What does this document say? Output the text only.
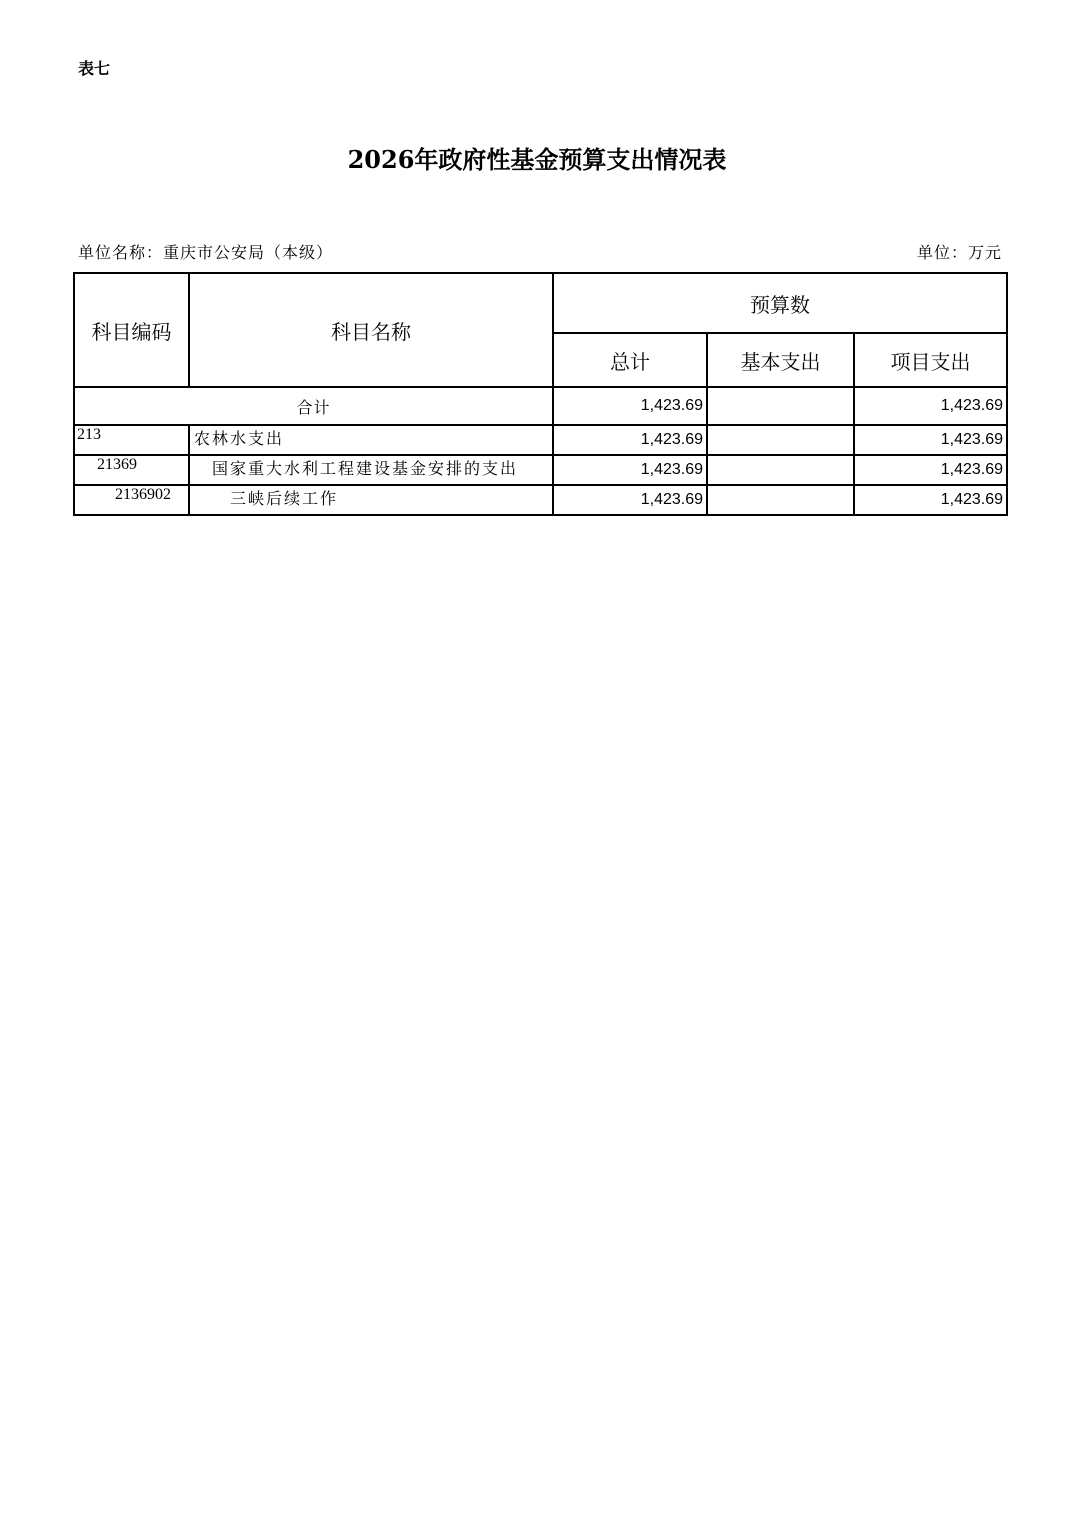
表七
2026年政府性基金预算支出情况表
单位名称：重庆市公安局（本级）	单位：万元
科目编码	科目名称	预算数		
		总计	基本支出	项目支出
合计		1,423.69		1,423.69
213	农林水支出	1,423.69		1,423.69
21369	国家重大水利工程建设基金安排的支出	1,423.69		1,423.69
2136902	三峡后续工作	1,423.69		1,423.69
